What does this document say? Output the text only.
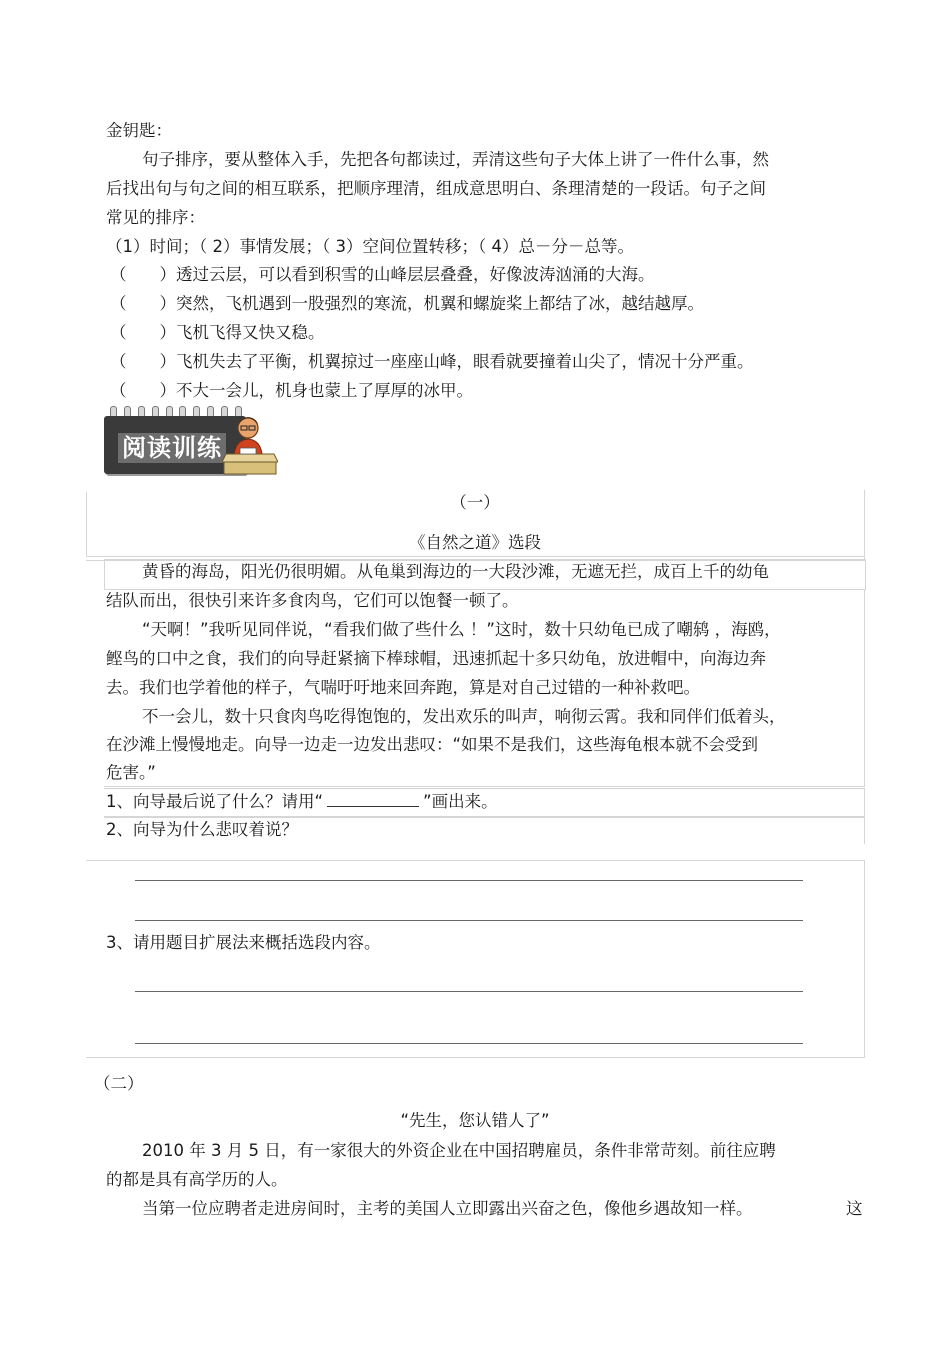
金钥匙：
句子排序，要从整体入手，先把各句都读过，弄清这些句子大体上讲了一件什么事，然
后找出句与句之间的相互联系，把顺序理清，组成意思明白、条理清楚的一段话。句子之间
常见的排序：
（1）时间；（ 2）事情发展；（ 3）空间位置转移；（ 4）总－分－总等。
（　　）透过云层，可以看到积雪的山峰层层叠叠，好像波涛汹涌的大海。
（　　）突然，飞机遇到一股强烈的寒流，机翼和螺旋桨上都结了冰，越结越厚。
（　　）飞机飞得又快又稳。
（　　）飞机失去了平衡，机翼掠过一座座山峰，眼看就要撞着山尖了，情况十分严重。
（　　）不大一会儿，机身也蒙上了厚厚的冰甲。
阅读训练
（一）
《自然之道》选段
黄昏的海岛，阳光仍很明媚。从龟巢到海边的一大段沙滩，无遮无拦，成百上千的幼龟
结队而出，很快引来许多食肉鸟，它们可以饱餐一顿了。
“天啊！”我听见同伴说，“看我们做了些什么 ！”这时，数十只幼龟已成了嘲鸫 ，海鸥，
鲣鸟的口中之食，我们的向导赶紧摘下棒球帽，迅速抓起十多只幼龟，放进帽中，向海边奔
去。我们也学着他的样子，气喘吁吁地来回奔跑，算是对自己过错的一种补救吧。
不一会儿，数十只食肉鸟吃得饱饱的，发出欢乐的叫声，响彻云霄。我和同伴们低着头，
在沙滩上慢慢地走。向导一边走一边发出悲叹：“如果不是我们，这些海龟根本就不会受到
危害。”
1、向导最后说了什么？请用“	”画出来。
2、向导为什么悲叹着说？
3、请用题目扩展法来概括选段内容。
（二）
“先生，您认错人了”
2010 年 3 月 5 日，有一家很大的外资企业在中国招聘雇员，条件非常苛刻。前往应聘
的都是具有高学历的人。
当第一位应聘者走进房间时，主考的美国人立即露出兴奋之色，像他乡遇故知一样。	这
